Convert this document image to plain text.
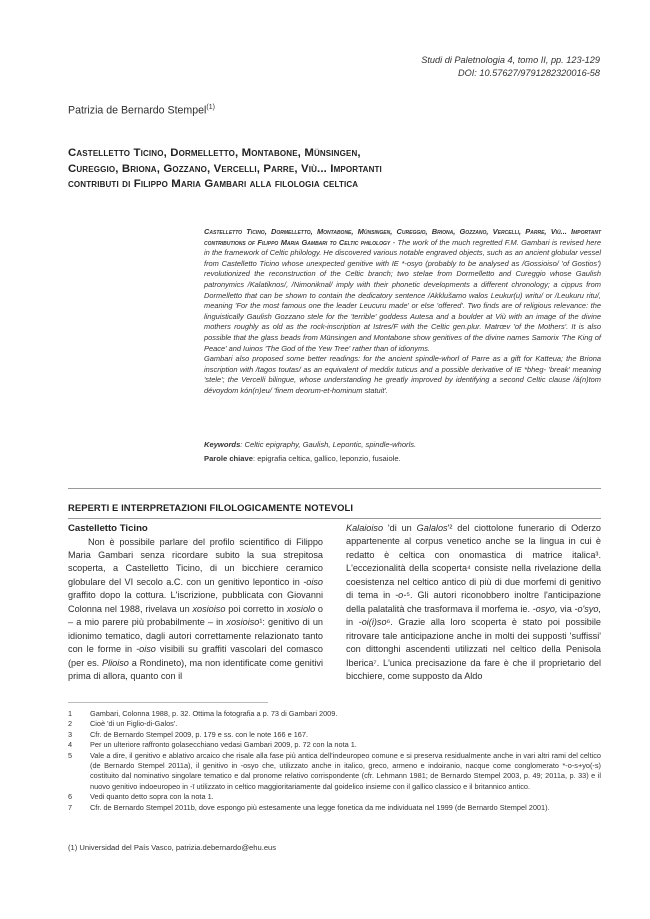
Studi di Paletnologia 4, tomo II, pp. 123-129
DOI: 10.57627/9791282320016-58
Patrizia de Bernardo Stempel$^{(1)}$
Castelletto Ticino, Dormelletto, Montabone, Münsingen,
Cureggio, Briona, Gozzano, Vercelli, Parre, Viù... Importanti
contributi di Filippo Maria Gambari alla filologia celtica

Castelletto Ticino, Dormelletto, Montabone, Münsingen, Cureggio, Briona, Gozzano, Vercelli, Parre, Viù... Important contributions of Filippo Maria Gambari to Celtic philology - The work of the much regretted F.M. Gambari is revised here in the framework of Celtic philology. He discovered various notable engraved objects, such as an ancient globular vessel from Castelletto Ticino whose unexpected genitive with IE *-osyo (probably to be analysed as /Gossioiso/ 'of Gostios') revolutionized the reconstruction of the Celtic branch; two stelae from Dormelletto and Cureggio whose Gaulish patronymics /Kalatiknos/, /Nimoniknal/ imply with their phonetic developments a different chronology; a cippus from Dormelletto that can be shown to contain the dedicatory sentence /Akklušamo walos Leukur(u) writu/ or /Leukuru ritu/, meaning 'For the most famous one the leader Leucuru made' or else 'offered'. Two finds are of religious relevance: the linguistically Gaulish Gozzano stele for the 'terrible' goddess Autesa and a boulder at Viù with an image of the divine mothers roughly as old as the rock-inscription at Istres/F with the Celtic gen.plur. Matrœv 'of the Mothers'. It is also possible that the glass beads from Münsingen and Montabone show genitives of the divine names Samorix 'The King of Peace' and Iuinos 'The God of the Yew Tree' rather than of idionyms.

Gambari also proposed some better readings: for the ancient spindle-whorl of Parre as a gift for Katteua; the Briona inscription with /tagos toutas/ as an equivalent of meddix tuticus and a possible derivative of IE *bheg- 'break' meaning 'stele'; the Vercelli bilingue, whose understanding he greatly improved by identifying a second Celtic clause /á(n)tom dévoydom kón(n)eu/ 'finem deorum-et-hominum statuit'.

Keywords: Celtic epigraphy, Gaulish, Lepontic, spindle-whorls.
Parole chiave: epigrafia celtica, gallico, leponzio, fusaiole.
REPERTI E INTERPRETAZIONI FILOLOGICAMENTE NOTEVOLI
Castelletto Ticino

Non è possibile parlare del profilo scientifico di Filippo Maria Gambari senza ricordare subito la sua strepitosa scoperta, a Castelletto Ticino, di un bicchiere ceramico globulare del VI secolo a.C. con un genitivo lepontico in -oiso graffito dopo la cottura. L'iscrizione, pubblicata con Giovanni Colonna nel 1988, rivelava un xosioiso poi corretto in xosiolo o – a mio parere più probabilmente – in xosioiso¹: genitivo di un idionimo tematico, dagli autori correttamente relazionato tanto con le forme in -oiso visibili su graffiti vascolari del comasco (per es. Plioiso a Rondineto), ma non identificate come genitivi prima di allora, quanto con il

Kalaioiso 'di un Galalos'² del ciottolone funerario di Oderzo appartenente al corpus venetico anche se la lingua in cui è redatto è celtica con onomastica di matrice italica³. L'eccezionalità della scoperta⁴ consiste nella rivelazione della coesistenza nel celtico antico di più di due morfemi di genitivo di tema in -o-⁵. Gli autori riconobbero inoltre l'anticipazione della palatalità che trasformava il morfema ie. -osyo, via -o'syo, in -oi(i)so⁶. Grazie alla loro scoperta è stato poi possibile ritrovare tale anticipazione anche in molti dei supposti 'suffissi' con dittonghi ascendenti utilizzati nel celtico della Penisola Iberica⁷. L'unica precisazione da fare è che il proprietario del bicchiere, come supposto da Aldo

1	Gambari, Colonna 1988, p. 32. Ottima la fotografia a p. 73 di Gambari 2009.
2	Cioè 'di un Figlio-di-Galos'.
3	Cfr. de Bernardo Stempel 2009, p. 179 e ss. con le note 166 e 167.
4	Per un ulteriore raffronto golasecchiano vedasi Gambari 2009, p. 72 con la nota 1.
5	Vale a dire, il genitivo e ablativo arcaico che risale alla fase più antica dell'indeuropeo comune e si preserva residualmente anche in vari altri rami del celtico (de Bernardo Stempel 2011a), il genitivo in -osyo che, utilizzato anche in italico, greco, armeno e indoiranio, nacque come conglomerato *-o-s+yo(-s) costituito dal nominativo singolare tematico e dal pronome relativo corrispondente (cfr. Lehmann 1981; de Bernardo Stempel 2003, p. 49; 2011a, p. 33) e il nuovo genitivo indoeuropeo in -ī utilizzato in celtico maggioritariamente dal goidelico insieme con il gallico classico e il britannico antico.
6	Vedi quanto detto sopra con la nota 1.
7	Cfr. de Bernardo Stempel 2011b, dove espongo più estesamente una legge fonetica da me individuata nel 1999 (de Bernardo Stempel 2001).
(1) Universidad del País Vasco, patrizia.debernardo@ehu.eus
